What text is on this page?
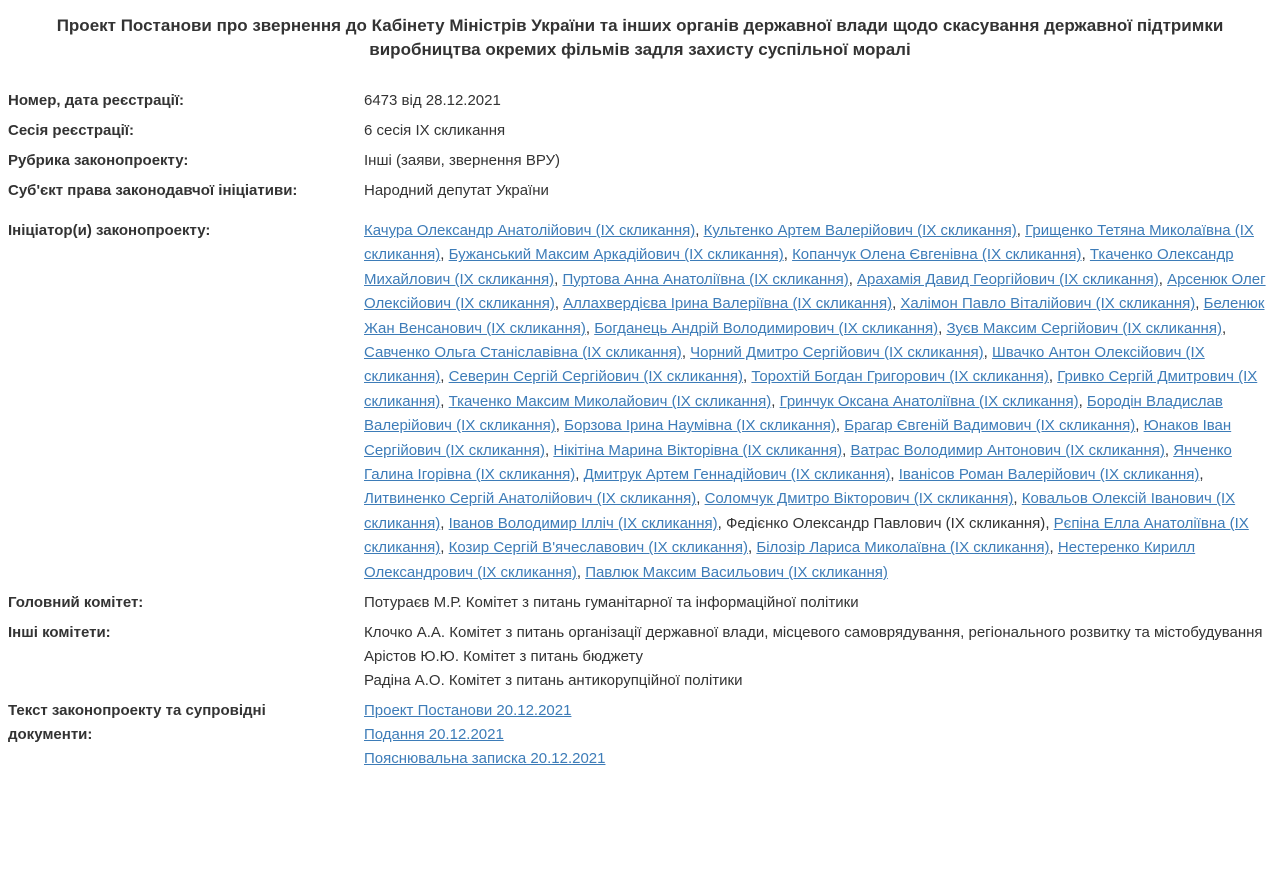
Проект Постанови про звернення до Кабінету Міністрів України та інших органів державної влади щодо скасування державної підтримки виробництва окремих фільмів задля захисту суспільної моралі
Номер, дата реєстрації:	6473 від 28.12.2021
Сесія реєстрації:	6 сесія ІХ скликання
Рубрика законопроекту:	Інші (заяви, звернення ВРУ)
Суб'єкт права законодавчої ініціативи:	Народний депутат України
Ініціатор(и) законопроекту:	Качура Олександр Анатолійович (ІХ скликання), Культенко Артем Валерійович (ІХ скликання), Грищенко Тетяна Миколаївна (ІХ скликання), Бужанський Максим Аркадійович (ІХ скликання), Копанчук Олена Євгенівна (ІХ скликання), Ткаченко Олександр Михайлович (ІХ скликання), Пуртова Анна Анатоліївна (ІХ скликання), Арахамія Давид Георгійович (ІХ скликання), Арсенюк Олег Олексійович (ІХ скликання), Аллахвердієва Ірина Валеріївна (ІХ скликання), Халімон Павло Віталійович (ІХ скликання), Беленюк Жан Венсанович (ІХ скликання), Богданець Андрій Володимирович (ІХ скликання), Зуєв Максим Сергійович (ІХ скликання), Савченко Ольга Станіславівна (ІХ скликання), Чорний Дмитро Сергійович (ІХ скликання), Швачко Антон Олексійович (ІХ скликання), Северин Сергій Сергійович (ІХ скликання), Торохтій Богдан Григорович (ІХ скликання), Гривко Сергій Дмитрович (ІХ скликання), Ткаченко Максим Миколайович (ІХ скликання), Гринчук Оксана Анатоліївна (ІХ скликання), Бородін Владислав Валерійович (ІХ скликання), Борзова Ірина Наумівна (ІХ скликання), Брагар Євгеній Вадимович (ІХ скликання), Юнаков Іван Сергійович (ІХ скликання), Нікітіна Марина Вікторівна (ІХ скликання), Ватрас Володимир Антонович (ІХ скликання), Янченко Галина Ігорівна (ІХ скликання), Дмитрук Артем Геннадійович (ІХ скликання), Іванісов Роман Валерійович (ІХ скликання), Литвиненко Сергій Анатолійович (ІХ скликання), Соломчук Дмитро Вікторович (ІХ скликання), Ковальов Олексій Іванович (ІХ скликання), Іванов Володимир Ілліч (ІХ скликання), Федієнко Олександр Павлович (ІХ скликання), Рєпіна Елла Анатоліївна (ІХ скликання), Козир Сергій В'ячеславович (ІХ скликання), Білозір Лариса Миколаївна (ІХ скликання), Нестеренко Кирилл Олександрович (ІХ скликання), Павлюк Максим Васильович (ІХ скликання)
Головний комітет:	Потураєв М.Р. Комітет з питань гуманітарної та інформаційної політики
Інші комітети:	Клочко А.А. Комітет з питань організації державної влади, місцевого самоврядування, регіонального розвитку та містобудування
Арістов Ю.Ю. Комітет з питань бюджету
Радіна А.О. Комітет з питань антикорупційної політики
Текст законопроекту та супровідні документи:
Проект Постанови 20.12.2021
Подання 20.12.2021
Пояснювальна записка 20.12.2021
